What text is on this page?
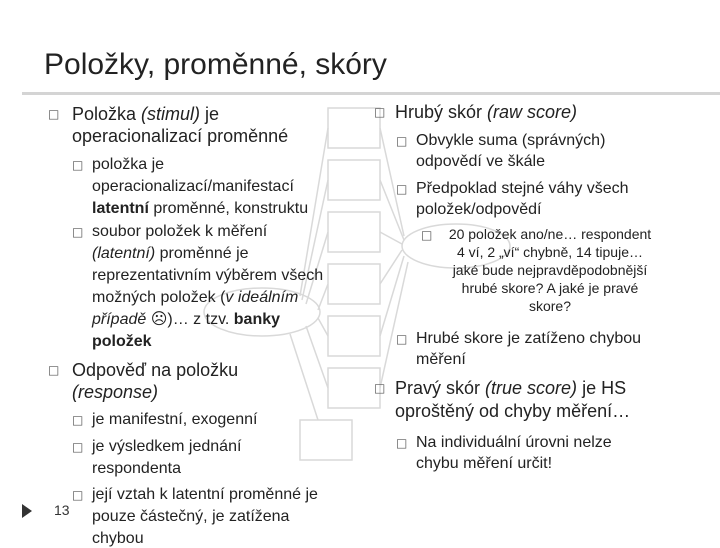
Položky, proměnné, skóry
□ Položka (stimul) je
operacionalizací proměnné
□ položka je
operacionalizací/manifestací
latentní proměnné, konstruktu
□ soubor položek k měření
(latentní) proměnné je
reprezentativním výběrem všech
možných položek (v ideálním
případě ☹)… z tzv. banky
položek
□ Odpověď na položku
(response)
□ je manifestní, exogenní
□ je výsledkem jednání
respondenta
□ její vztah k latentní proměnné je
pouze částečný, je zatížena
chybou
□ Hrubý skór (raw score)
□ Obvykle suma (správných)
odpovědí ve škále
□ Předpoklad stejné váhy všech
položek/odpovědí
□	20 položek ano/ne… respondent
4 ví, 2 „ví“ chybně, 14 tipuje…
jaké bude nejpravděpodobnější
hrubé skore? A jaké je pravé
skore?
□ Hrubé skore je zatíženo chybou
měření
□ Pravý skór (true score) je HS
oproštěný od chyby měření…
□ Na individuální úrovni nelze
chybu měření určit!
13
